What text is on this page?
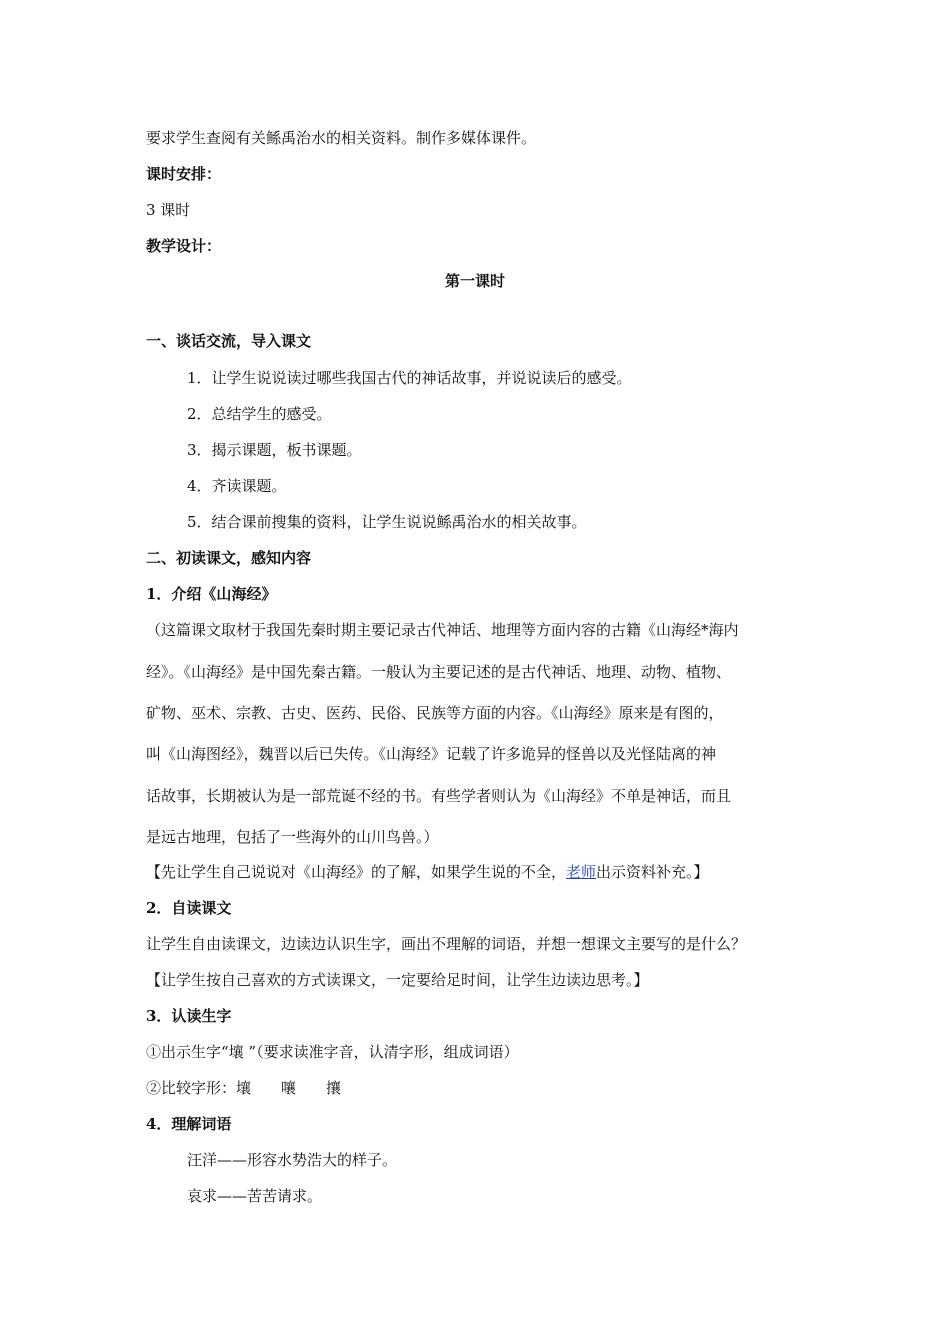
要求学生查阅有关鲧禹治水的相关资料。制作多媒体课件。
课时安排：
3 课时
教学设计：
第一课时
一、谈话交流，导入课文
1．让学生说说读过哪些我国古代的神话故事，并说说读后的感受。
2．总结学生的感受。
3．揭示课题，板书课题。
4．齐读课题。
5．结合课前搜集的资料，让学生说说鲧禹治水的相关故事。
二、初读课文，感知内容
1．介绍《山海经》
（这篇课文取材于我国先秦时期主要记录古代神话、地理等方面内容的古籍《山海经*海内
经》。《山海经》是中国先秦古籍。一般认为主要记述的是古代神话、地理、动物、植物、
矿物、巫术、宗教、古史、医药、民俗、民族等方面的内容。《山海经》原来是有图的，
叫《山海图经》，魏晋以后已失传。《山海经》记载了许多诡异的怪兽以及光怪陆离的神
话故事，长期被认为是一部荒诞不经的书。有些学者则认为《山海经》不单是神话，而且
是远古地理，包括了一些海外的山川鸟兽。）
【先让学生自己说说对《山海经》的了解，如果学生说的不全，老师出示资料补充。】
2．自读课文
让学生自由读课文，边读边认识生字，画出不理解的词语，并想一想课文主要写的是什么？
【让学生按自己喜欢的方式读课文，一定要给足时间，让学生边读边思考。】
3．认读生字
①出示生字“壤 ”（要求读准字音，认清字形，组成词语）
②比较字形：壤　　嚷　　攘
4．理解词语
汪洋——形容水势浩大的样子。
哀求——苦苦请求。
